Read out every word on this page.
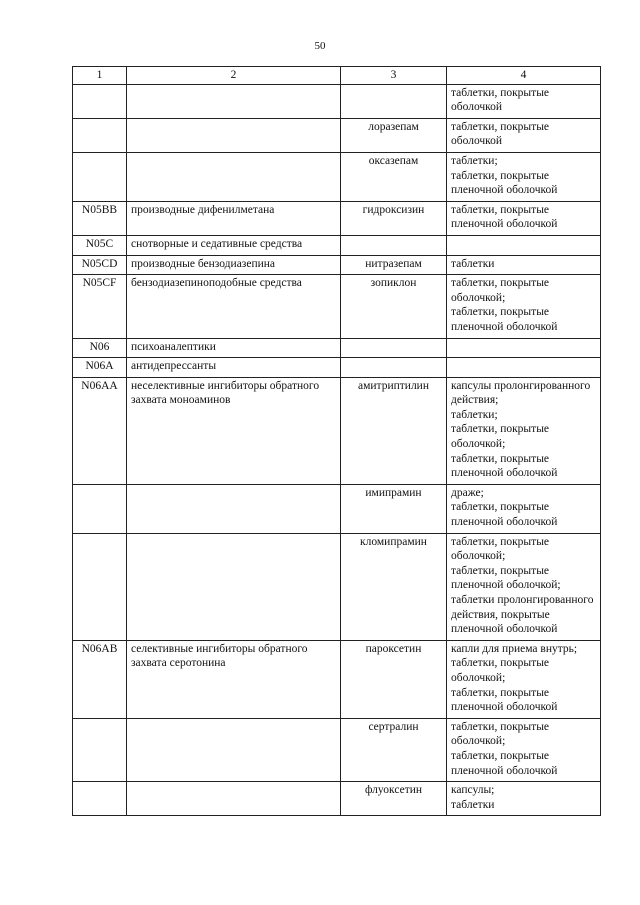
50
1	2	3	4

			таблетки, покрытые оболочкой

		лоразепам	таблетки, покрытые оболочкой

		оксазепам	таблетки;
таблетки, покрытые пленочной оболочкой

N05BB	производные дифенилметана	гидроксизин	таблетки, покрытые пленочной оболочкой

N05C	снотворные и седативные средства		
N05CD	производные бензодиазепина	нитразепам	таблетки

N05CF	бензодиазепиноподобные средства	зопиклон	таблетки, покрытые оболочкой;
таблетки, покрытые пленочной оболочкой

N06	психоаналептики		
N06A	антидепрессанты		
N06AA	неселективные ингибиторы обратного захвата моноаминов	амитриптилин	капсулы пролонгированного действия;
таблетки;
таблетки, покрытые оболочкой;
таблетки, покрытые пленочной оболочкой

		имипрамин	драже;
таблетки, покрытые пленочной оболочкой

		кломипрамин	таблетки, покрытые оболочкой;
таблетки, покрытые пленочной оболочкой;
таблетки пролонгированного действия, покрытые пленочной оболочкой

N06AB	селективные ингибиторы обратного захвата серотонина	пароксетин	капли для приема внутрь;
таблетки, покрытые оболочкой;
таблетки, покрытые пленочной оболочкой

		сертралин	таблетки, покрытые оболочкой;
таблетки, покрытые пленочной оболочкой

		флуоксетин	капсулы;
таблетки
